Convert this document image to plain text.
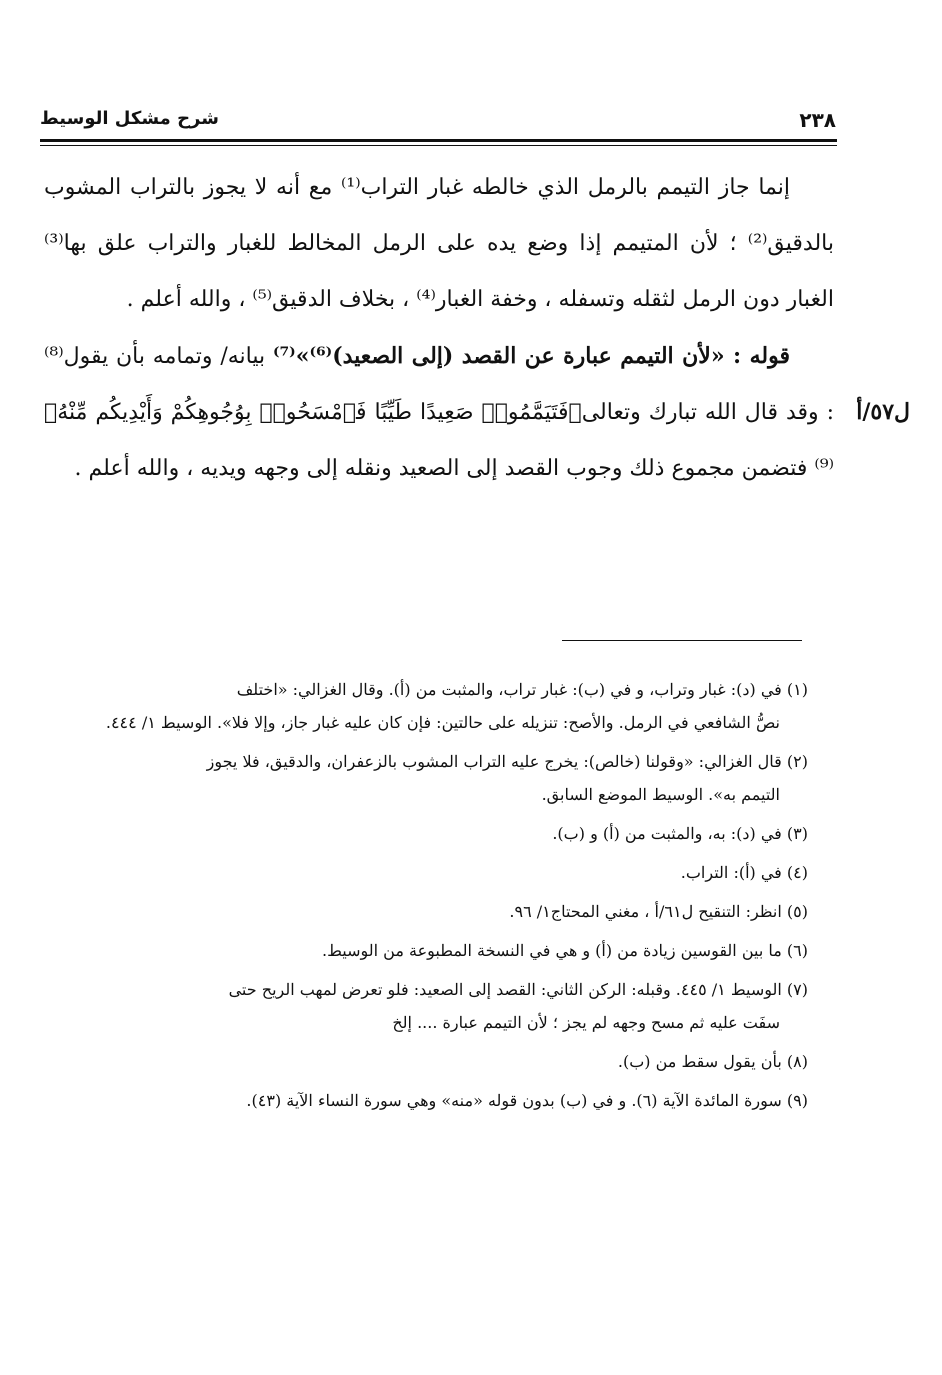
٢٣٨
شرح مشكل الوسيط
ل٥٧/أ

إنما جاز التيمم بالرمل الذي خالطه غبار التراب⁽¹⁾ مع أنه لا يجوز بالتراب المشوب بالدقيق⁽²⁾ ؛ لأن المتيمم إذا وضع يده على الرمل المخالط للغبار والتراب علق بها⁽³⁾ الغبار دون الرمل لثقله وتسفله ، وخفة الغبار⁽⁴⁾ ، بخلاف الدقيق⁽⁵⁾ ، والله أعلم .

قوله : «لأن التيمم عبارة عن القصد (إلى الصعيد)⁽⁶⁾»⁽⁷⁾ بيانه/ وتمامه بأن يقول⁽⁸⁾ : وقد قال الله تبارك وتعالى﴿فَتَيَمَّمُوا۟ صَعِيدًا طَيِّبًا فَٱمْسَحُوا۟ بِوُجُوهِكُمْ وَأَيْدِيكُم مِّنْهُ﴾⁽⁹⁾ فتضمن مجموع ذلك وجوب القصد إلى الصعيد ونقله إلى وجهه ويديه ، والله أعلم .

(١) في (د): غبار وتراب، و في (ب): غبار تراب، والمثبت من (أ). وقال الغزالي: «اختلف
نصُّ الشافعي في الرمل. والأصح: تنزيله على حالتين: فإن كان عليه غبار جاز، وإلا فلا». الوسيط ١/ ٤٤٤.
(٢) قال الغزالي: «وقولنا (خالص): يخرج عليه التراب المشوب بالزعفران، والدقيق، فلا يجوز
التيمم به». الوسيط الموضع السابق.
(٣) في (د): به، والمثبت من (أ) و (ب).
(٤) في (أ): التراب.
(٥) انظر: التنقيح ل٦١/أ ، مغني المحتاج١/ ٩٦.
(٦) ما بين القوسين زيادة من (أ) و هي في النسخة المطبوعة من الوسيط.
(٧) الوسيط ١/ ٤٤٥. وقبله: الركن الثاني: القصد إلى الصعيد: فلو تعرض لمهب الريح حتى
سفَت عليه ثم مسح وجهه لم يجز ؛ لأن التيمم عبارة .... إلخ
(٨) بأن يقول سقط من (ب).
(٩) سورة المائدة الآية (٦). و في (ب) بدون قوله «منه» وهي سورة النساء الآية (٤٣).
